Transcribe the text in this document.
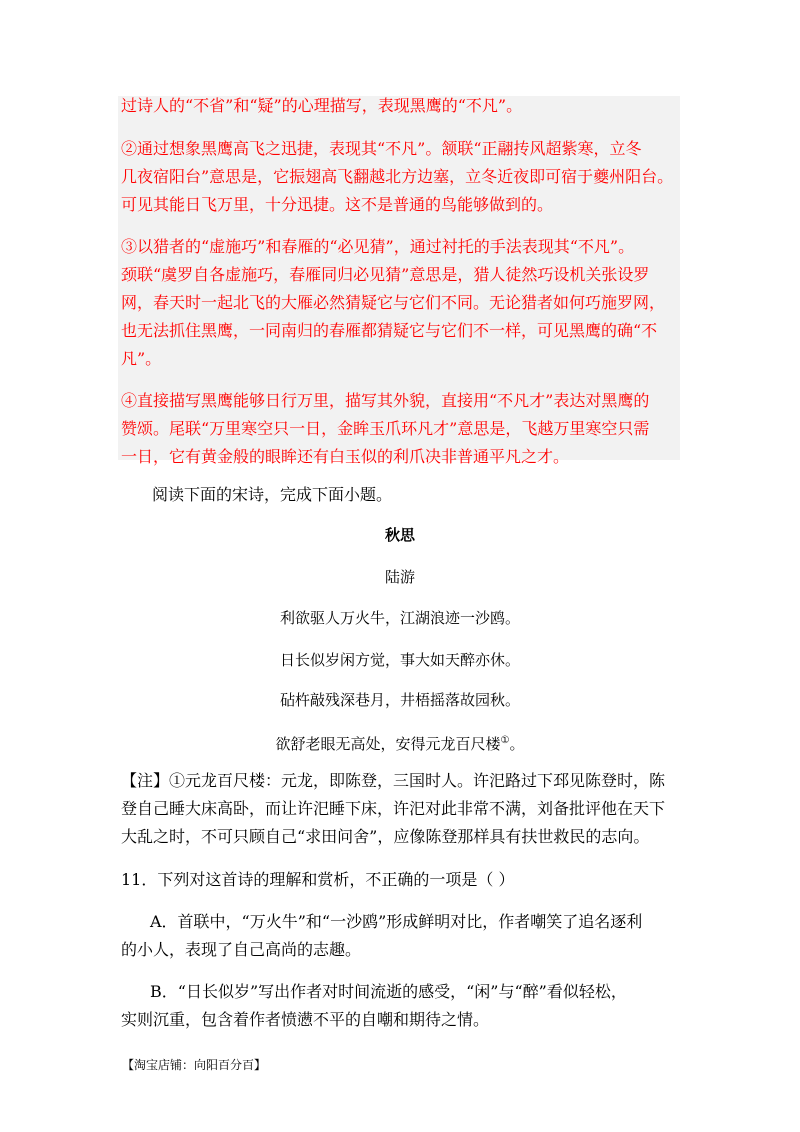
过诗人的“不省”和“疑”的心理描写，表现黑鹰的“不凡”。

②通过想象黑鹰高飞之迅捷，表现其“不凡”。颔联“正翮抟风超紫寒，立冬

几夜宿阳台”意思是，它振翅高飞翻越北方边塞，立冬近夜即可宿于夔州阳台。

可见其能日飞万里，十分迅捷。这不是普通的鸟能够做到的。

③以猎者的“虚施巧”和春雁的“必见猜”，通过衬托的手法表现其“不凡”。

颈联“虞罗自各虚施巧，春雁同归必见猜”意思是，猎人徒然巧设机关张设罗

网，春天时一起北飞的大雁必然猜疑它与它们不同。无论猎者如何巧施罗网，

也无法抓住黑鹰，一同南归的春雁都猜疑它与它们不一样，可见黑鹰的确“不

凡”。

④直接描写黑鹰能够日行万里，描写其外貌，直接用“不凡才”表达对黑鹰的

赞颂。尾联“万里寒空只一日，金眸玉爪环凡才”意思是，飞越万里寒空只需

一日，它有黄金般的眼眸还有白玉似的利爪决非普通平凡之才。

阅读下面的宋诗，完成下面小题。

秋思

陆游

利欲驱人万火牛，江湖浪迹一沙鸥。

日长似岁闲方觉，事大如天醉亦休。

砧杵敲残深巷月，井梧摇落故园秋。

欲舒老眼无高处，安得元龙百尺楼①。

【注】①元龙百尺楼：元龙，即陈登，三国时人。许汜路过下邳见陈登时，陈

登自己睡大床高卧，而让许汜睡下床，许汜对此非常不满，刘备批评他在天下

大乱之时，不可只顾自己“求田问舍”，应像陈登那样具有扶世救民的志向。

11．下列对这首诗的理解和赏析，不正确的一项是（ ）

A．首联中，“万火牛”和“一沙鸥”形成鲜明对比，作者嘲笑了追名逐利

的小人，表现了自己高尚的志趣。

B．“日长似岁”写出作者对时间流逝的感受，“闲”与“醉”看似轻松，

实则沉重，包含着作者愤懑不平的自嘲和期待之情。

【淘宝店铺：向阳百分百】
